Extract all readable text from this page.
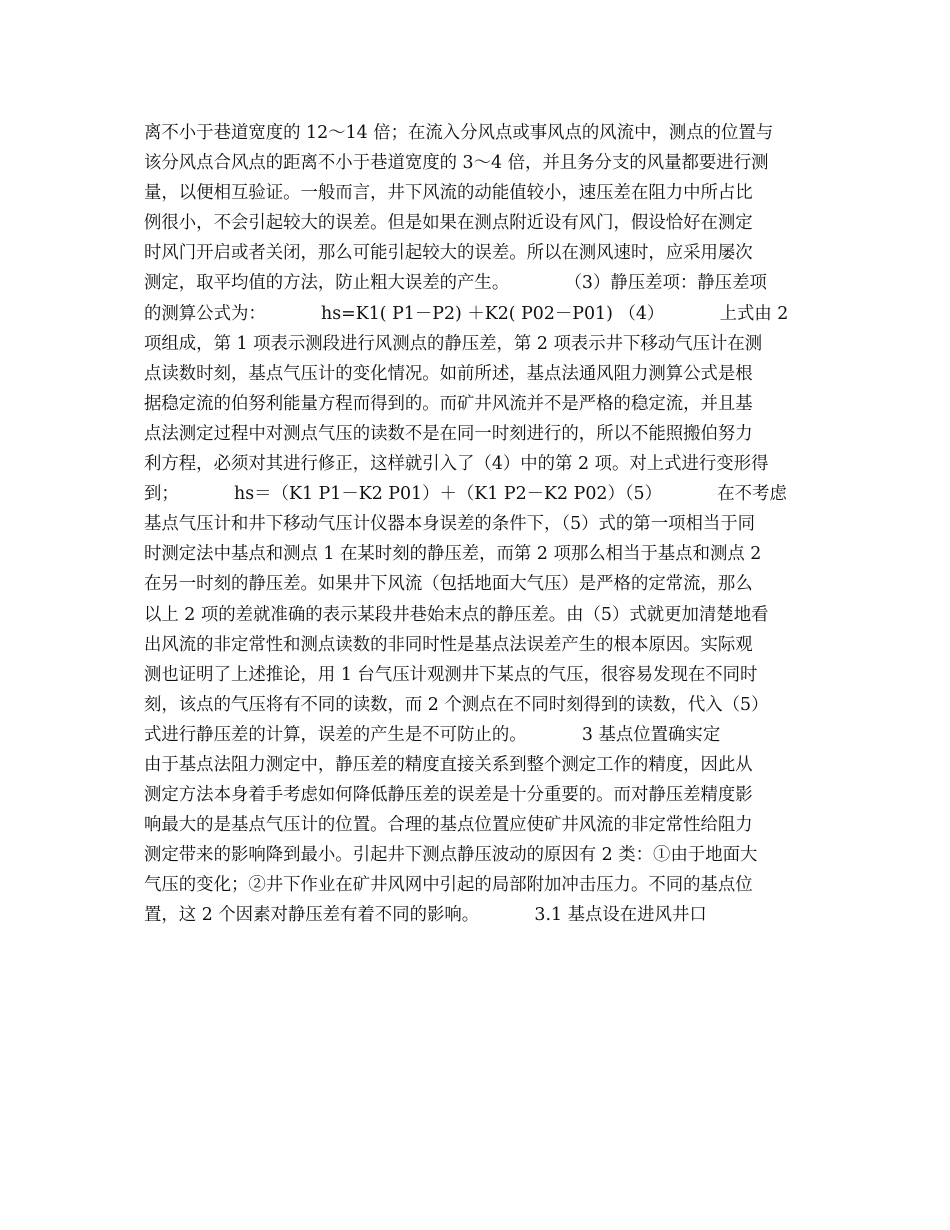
离不小于巷道宽度的 12～14 倍；在流入分风点或事风点的风流中，测点的位置与
该分风点合风点的距离不小于巷道宽度的 3～4 倍，并且务分支的风量都要进行测
量，以便相互验证。一般而言，井下风流的动能值较小，速压差在阻力中所占比
例很小，不会引起较大的误差。但是如果在测点附近设有风门，假设恰好在测定
时风门开启或者关闭，那么可能引起较大的误差。所以在测风速时，应采用屡次
测定，取平均值的方法，防止粗大误差的产生。          （3）静压差项：静压差项
的测算公式为：          hs=K1( P1－P2) ＋K2( P02－P01) （4）          上式由 2
项组成，第 1 项表示测段进行风测点的静压差，第 2 项表示井下移动气压计在测
点读数时刻，基点气压计的变化情况。如前所述，基点法通风阻力测算公式是根
据稳定流的伯努利能量方程而得到的。而矿井风流并不是严格的稳定流，并且基
点法测定过程中对测点气压的读数不是在同一时刻进行的，所以不能照搬伯努力
利方程，必须对其进行修正，这样就引入了（4）中的第 2 项。对上式进行变形得
到；          hs＝（K1 P1－K2 P01）＋（K1 P2－K2 P02）（5）          在不考虑
基点气压计和井下移动气压计仪器本身误差的条件下，（5）式的第一项相当于同
时测定法中基点和测点 1 在某时刻的静压差，而第 2 项那么相当于基点和测点 2
在另一时刻的静压差。如果井下风流（包括地面大气压）是严格的定常流，那么
以上 2 项的差就准确的表示某段井巷始末点的静压差。由（5）式就更加清楚地看
出风流的非定常性和测点读数的非同时性是基点法误差产生的根本原因。实际观
测也证明了上述推论，用 1 台气压计观测井下某点的气压，很容易发现在不同时
刻，该点的气压将有不同的读数，而 2 个测点在不同时刻得到的读数，代入（5）
式进行静压差的计算，误差的产生是不可防止的。          3 基点位置确实定
由于基点法阻力测定中，静压差的精度直接关系到整个测定工作的精度，因此从
测定方法本身着手考虑如何降低静压差的误差是十分重要的。而对静压差精度影
响最大的是基点气压计的位置。合理的基点位置应使矿井风流的非定常性给阻力
测定带来的影响降到最小。引起井下测点静压波动的原因有 2 类：①由于地面大
气压的变化；②井下作业在矿井风网中引起的局部附加冲击压力。不同的基点位
置，这 2 个因素对静压差有着不同的影响。          3.1 基点设在进风井口
